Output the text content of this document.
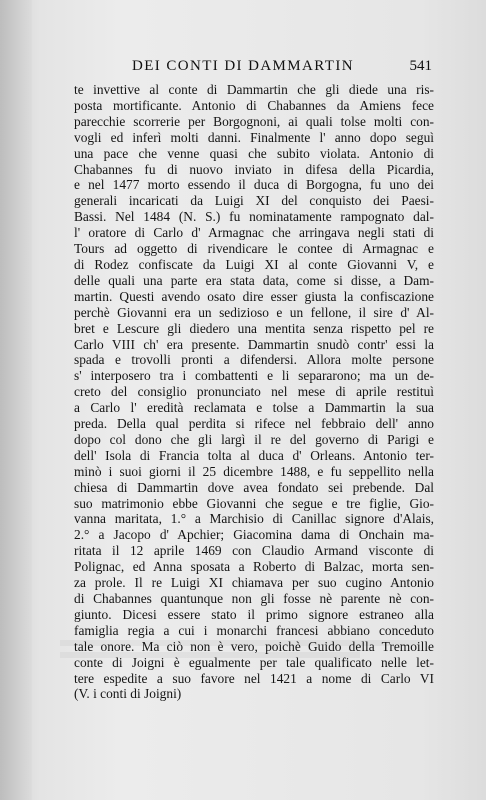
DEI CONTI DI DAMMARTIN	541
te invettive al conte di Dammartin che gli diede una ris-
posta mortificante. Antonio di Chabannes da Amiens fece
parecchie scorrerie per Borgognoni, ai quali tolse molti con-
vogli ed inferì molti danni. Finalmente l' anno dopo seguì
una pace che venne quasi che subito violata. Antonio di
Chabannes fu di nuovo inviato in difesa della Picardia,
e nel 1477 morto essendo il duca di Borgogna, fu uno dei
generali incaricati da Luigi XI del conquisto dei Paesi-
Bassi. Nel 1484 (N. S.) fu nominatamente rampognato dal-
l' oratore di Carlo d' Armagnac che arringava negli stati di
Tours ad oggetto di rivendicare le contee di Armagnac e
di Rodez confiscate da Luigi XI al conte Giovanni V, e
delle quali una parte era stata data, come si disse, a Dam-
martin. Questi avendo osato dire esser giusta la confiscazione
perchè Giovanni era un sedizioso e un fellone, il sire d' Al-
bret e Lescure gli diedero una mentita senza rispetto pel re
Carlo VIII ch' era presente. Dammartin snudò contr' essi la
spada e trovolli pronti a difendersi. Allora molte persone
s' interposero tra i combattenti e li separarono; ma un de-
creto del consiglio pronunciato nel mese di aprile restituì
a Carlo l' eredità reclamata e tolse a Dammartin la sua
preda. Della qual perdita si rifece nel febbraio dell' anno
dopo col dono che gli largì il re del governo di Parigi e
dell' Isola di Francia tolta al duca d' Orleans. Antonio ter-
minò i suoi giorni il 25 dicembre 1488, e fu seppellito nella
chiesa di Dammartin dove avea fondato sei prebende. Dal
suo matrimonio ebbe Giovanni che segue e tre figlie, Gio-
vanna maritata, 1.° a Marchisio di Canillac signore d'Alais,
2.° a Jacopo d' Apchier; Giacomina dama di Onchain ma-
ritata il 12 aprile 1469 con Claudio Armand visconte di
Polignac, ed Anna sposata a Roberto di Balzac, morta sen-
za prole. Il re Luigi XI chiamava per suo cugino Antonio
di Chabannes quantunque non gli fosse nè parente nè con-
giunto. Dicesi essere stato il primo signore estraneo alla
famiglia regia a cui i monarchi francesi abbiano conceduto
tale onore. Ma ciò non è vero, poichè Guido della Tremoille
conte di Joigni è egualmente per tale qualificato nelle let-
tere espedite a suo favore nel 1421 a nome di Carlo VI
(V. i conti di Joigni)
